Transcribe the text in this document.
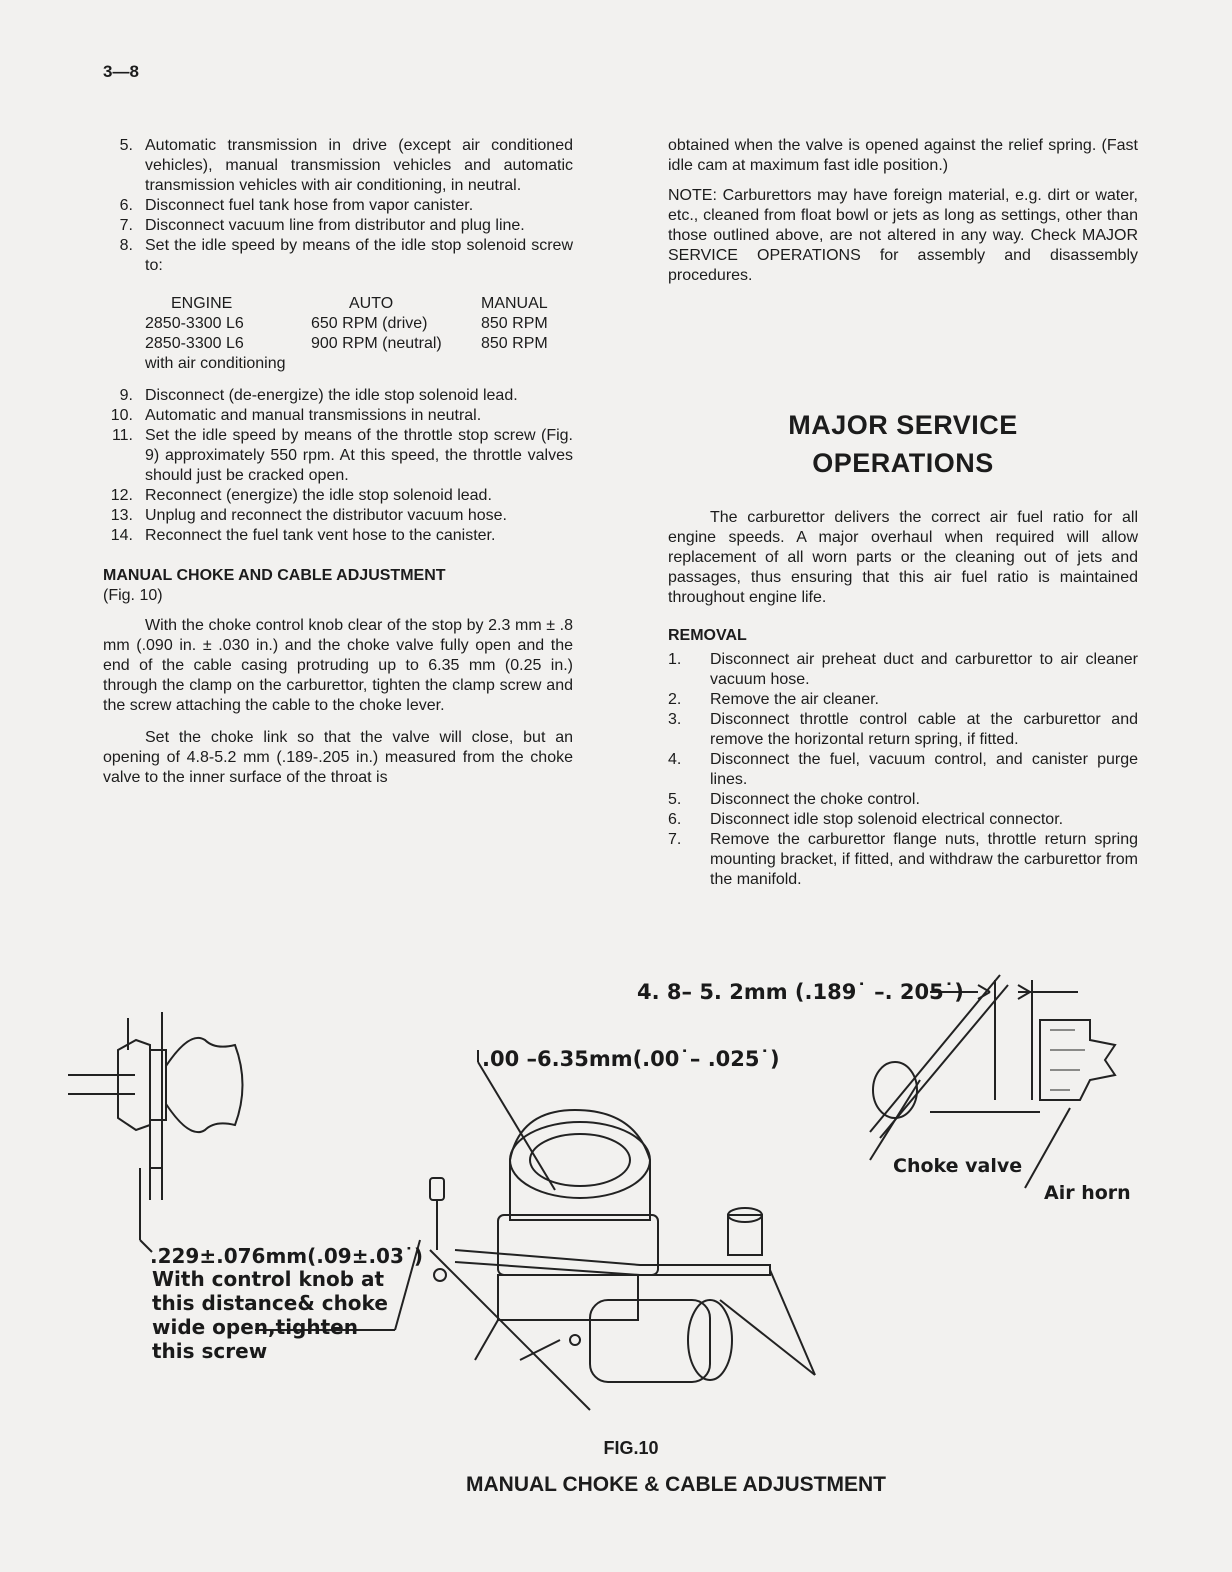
3—8
5. Automatic transmission in drive (except air conditioned vehicles), manual transmission vehicles and automatic transmission vehicles with air conditioning, in neutral.
6. Disconnect fuel tank hose from vapor canister.
7. Disconnect vacuum line from distributor and plug line.
8. Set the idle speed by means of the idle stop solenoid screw to:
ENGINE	AUTO	MANUAL
2850-3300 L6	650 RPM (drive)	850 RPM
2850-3300 L6	900 RPM (neutral)	850 RPM
with air conditioning		
9. Disconnect (de-energize) the idle stop solenoid lead.
10. Automatic and manual transmissions in neutral.
11. Set the idle speed by means of the throttle stop screw (Fig. 9) approximately 550 rpm. At this speed, the throttle valves should just be cracked open.
12. Reconnect (energize) the idle stop solenoid lead.
13. Unplug and reconnect the distributor vacuum hose.
14. Reconnect the fuel tank vent hose to the canister.
MANUAL CHOKE AND CABLE ADJUSTMENT
(Fig. 10)

With the choke control knob clear of the stop by 2.3 mm ± .8 mm (.090 in. ± .030 in.) and the choke valve fully open and the end of the cable casing protruding up to 6.35 mm (0.25 in.) through the clamp on the carburettor, tighten the clamp screw and the screw attaching the cable to the choke lever.

Set the choke link so that the valve will close, but an opening of 4.8-5.2 mm (.189-.205 in.) measured from the choke valve to the inner surface of the throat is

obtained when the valve is opened against the relief spring. (Fast idle cam at maximum fast idle position.)

NOTE: Carburettors may have foreign material, e.g. dirt or water, etc., cleaned from float bowl or jets as long as settings, other than those outlined above, are not altered in any way. Check MAJOR SERVICE OPERATIONS for assembly and disassembly procedures.

MAJOR SERVICE
OPERATIONS

The carburettor delivers the correct air fuel ratio for all engine speeds. A major overhaul when required will allow replacement of all worn parts or the cleaning out of jets and passages, thus ensuring that this air fuel ratio is maintained throughout engine life.

REMOVAL
1.	Disconnect air preheat duct and carburettor to air cleaner vacuum hose.
2.	Remove the air cleaner.
3.	Disconnect throttle control cable at the carburettor and remove the horizontal return spring, if fitted.
4.	Disconnect the fuel, vacuum control, and canister purge lines.
5.	Disconnect the choke control.
6.	Disconnect idle stop solenoid electrical connector.
7.	Remove the carburettor flange nuts, throttle return spring mounting bracket, if fitted, and withdraw the carburettor from the manifold.
4. 8– 5. 2mm (.189˙ –. 205˙)
.00 –6.35mm(.00˙– .025˙)
Choke valve
Air horn
.229±.076mm(.09±.03˙)
With control knob at
this distance& choke
wide open,tighten
this screw
FIG.10
MANUAL CHOKE & CABLE ADJUSTMENT
